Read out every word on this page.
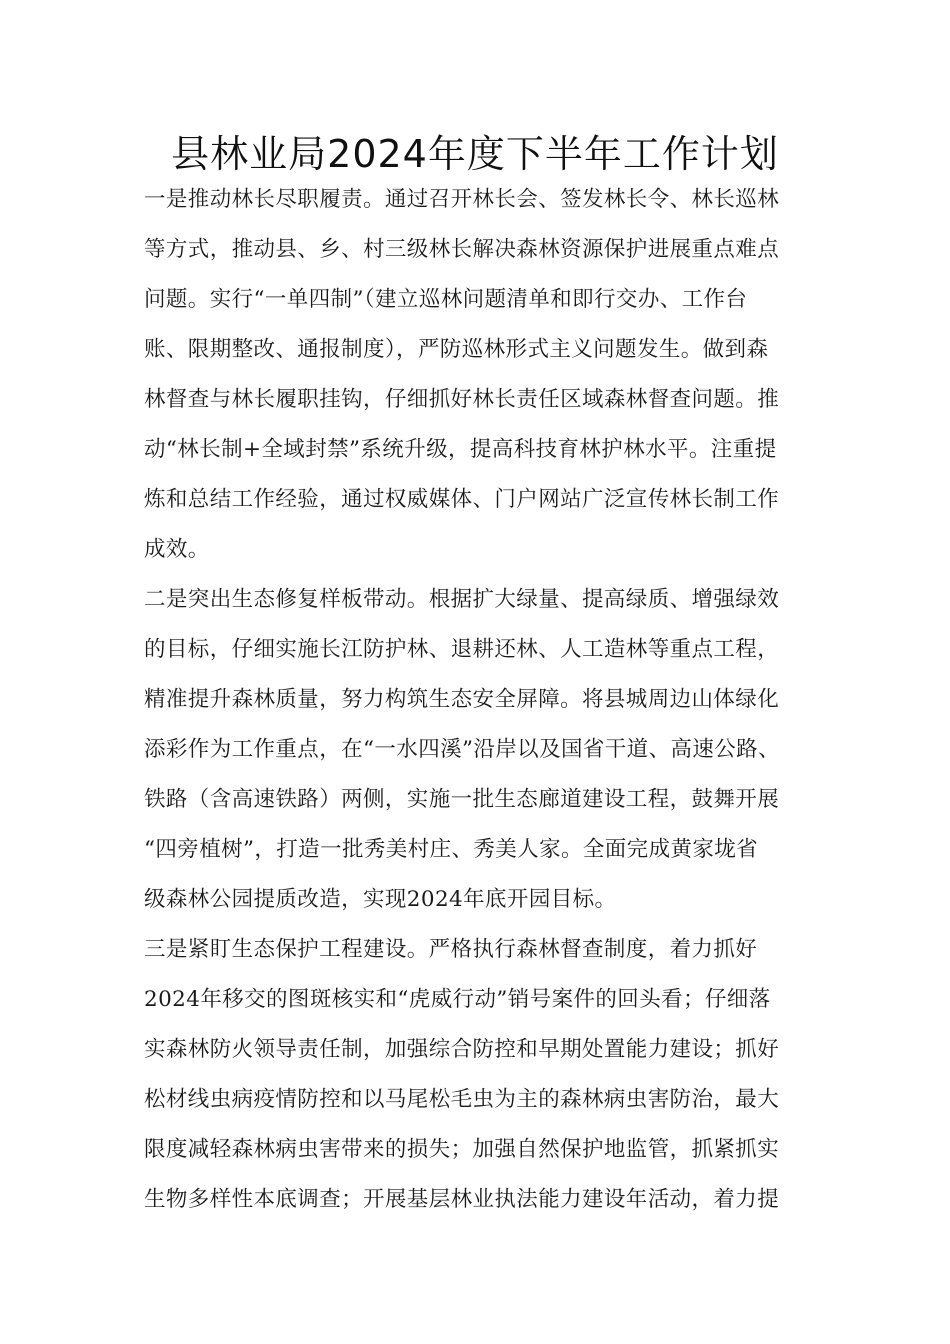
县林业局2024年度下半年工作计划
一是推动林长尽职履责。通过召开林长会、签发林长令、林长巡林
等方式，推动县、乡、村三级林长解决森林资源保护进展重点难点
问题。实行“一单四制”（建立巡林问题清单和即行交办、工作台
账、限期整改、通报制度），严防巡林形式主义问题发生。做到森
林督查与林长履职挂钩，仔细抓好林长责任区域森林督查问题。推
动“林长制+全域封禁”系统升级，提高科技育林护林水平。注重提
炼和总结工作经验，通过权威媒体、门户网站广泛宣传林长制工作
成效。
二是突出生态修复样板带动。根据扩大绿量、提高绿质、增强绿效
的目标，仔细实施长江防护林、退耕还林、人工造林等重点工程，
精准提升森林质量，努力构筑生态安全屏障。将县城周边山体绿化
添彩作为工作重点，在“一水四溪”沿岸以及国省干道、高速公路、
铁路（含高速铁路）两侧，实施一批生态廊道建设工程，鼓舞开展
“四旁植树”，打造一批秀美村庄、秀美人家。全面完成黄家垅省
级森林公园提质改造，实现2024年底开园目标。
三是紧盯生态保护工程建设。严格执行森林督查制度，着力抓好
2024年移交的图斑核实和“虎威行动”销号案件的回头看；仔细落
实森林防火领导责任制，加强综合防控和早期处置能力建设；抓好
松材线虫病疫情防控和以马尾松毛虫为主的森林病虫害防治，最大
限度减轻森林病虫害带来的损失；加强自然保护地监管，抓紧抓实
生物多样性本底调查；开展基层林业执法能力建设年活动，着力提
